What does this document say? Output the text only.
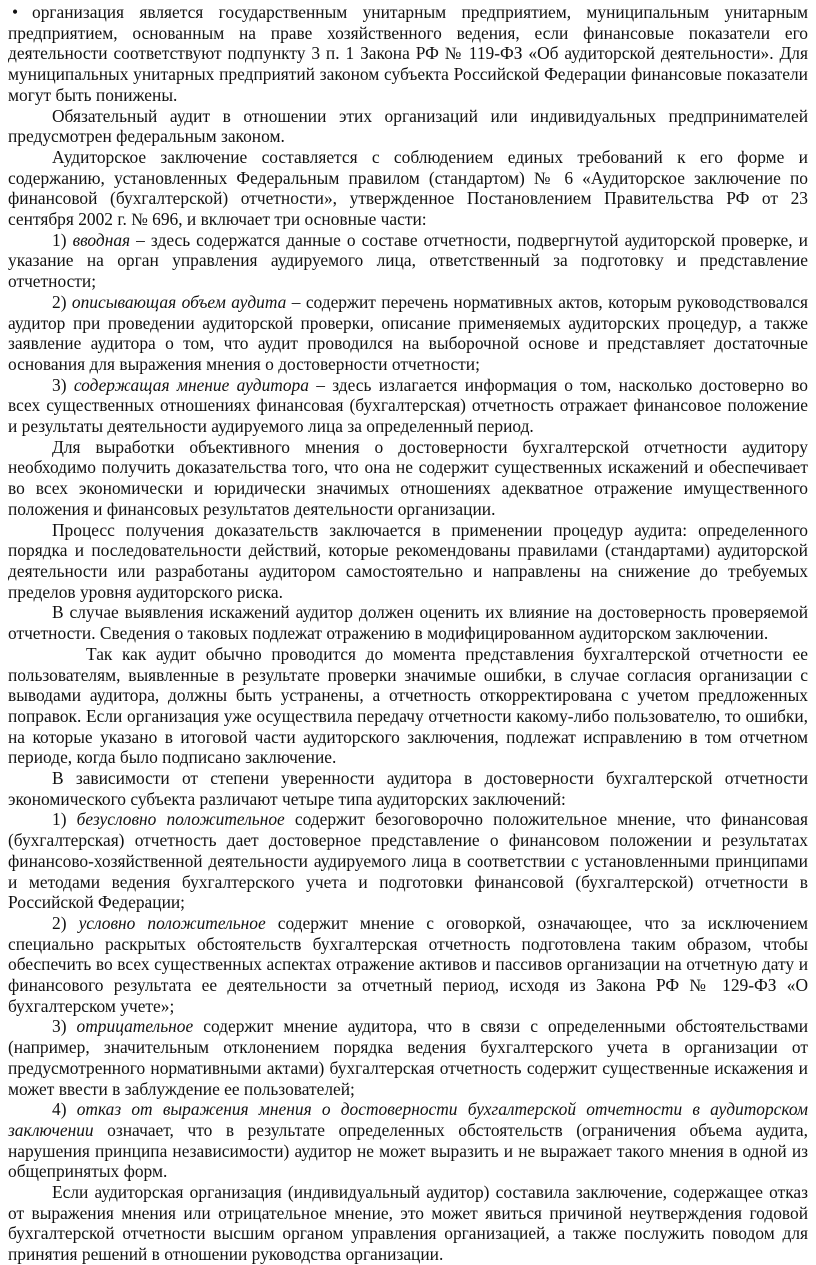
• организация является государственным унитарным предприятием, муниципальным унитарным предприятием, основанным на праве хозяйственного ведения, если финансовые показатели его деятельности соответствуют подпункту 3 п. 1 Закона РФ № 119-ФЗ «Об аудиторской деятельности». Для муниципальных унитарных предприятий законом субъекта Российской Федерации финансовые показатели могут быть понижены.

Обязательный аудит в отношении этих организаций или индивидуальных предпринимателей предусмотрен федеральным законом.

Аудиторское заключение составляется с соблюдением единых требований к его форме и содержанию, установленных Федеральным правилом (стандартом) № 6 «Аудиторское заключение по финансовой (бухгалтерской) отчетности», утвержденное Постановлением Правительства РФ от 23 сентября 2002 г. № 696, и включает три основные части:

1) вводная – здесь содержатся данные о составе отчетности, подвергнутой аудиторской проверке, и указание на орган управления аудируемого лица, ответственный за подготовку и представление отчетности;

2) описывающая объем аудита – содержит перечень нормативных актов, которым руководствовался аудитор при проведении аудиторской проверки, описание применяемых аудиторских процедур, а также заявление аудитора о том, что аудит проводился на выборочной основе и представляет достаточные основания для выражения мнения о достоверности отчетности;

3) содержащая мнение аудитора – здесь излагается информация о том, насколько достоверно во всех существенных отношениях финансовая (бухгалтерская) отчетность отражает финансовое положение и результаты деятельности аудируемого лица за определенный период.

Для выработки объективного мнения о достоверности бухгалтерской отчетности аудитору необходимо получить доказательства того, что она не содержит существенных искажений и обеспечивает во всех экономически и юридически значимых отношениях адекватное отражение имущественного положения и финансовых результатов деятельности организации.

Процесс получения доказательств заключается в применении процедур аудита: определенного порядка и последовательности действий, которые рекомендованы правилами (стандартами) аудиторской деятельности или разработаны аудитором самостоятельно и направлены на снижение до требуемых пределов уровня аудиторского риска.

В случае выявления искажений аудитор должен оценить их влияние на достоверность проверяемой отчетности. Сведения о таковых подлежат отражению в модифицированном аудиторском заключении.

Так как аудит обычно проводится до момента представления бухгалтерской отчетности ее пользователям, выявленные в результате проверки значимые ошибки, в случае согласия организации с выводами аудитора, должны быть устранены, а отчетность откорректирована с учетом предложенных поправок. Если организация уже осуществила передачу отчетности какому-либо пользователю, то ошибки, на которые указано в итоговой части аудиторского заключения, подлежат исправлению в том отчетном периоде, когда было подписано заключение.

В зависимости от степени уверенности аудитора в достоверности бухгалтерской отчетности экономического субъекта различают четыре типа аудиторских заключений:

1) безусловно положительное содержит безоговорочно положительное мнение, что финансовая (бухгалтерская) отчетность дает достоверное представление о финансовом положении и результатах финансово-хозяйственной деятельности аудируемого лица в соответствии с установленными принципами и методами ведения бухгалтерского учета и подготовки финансовой (бухгалтерской) отчетности в Российской Федерации;

2) условно положительное содержит мнение с оговоркой, означающее, что за исключением специально раскрытых обстоятельств бухгалтерская отчетность подготовлена таким образом, чтобы обеспечить во всех существенных аспектах отражение активов и пассивов организации на отчетную дату и финансового результата ее деятельности за отчетный период, исходя из Закона РФ № 129-ФЗ «О бухгалтерском учете»;

3) отрицательное содержит мнение аудитора, что в связи с определенными обстоятельствами (например, значительным отклонением порядка ведения бухгалтерского учета в организации от предусмотренного нормативными актами) бухгалтерская отчетность содержит существенные искажения и может ввести в заблуждение ее пользователей;

4) отказ от выражения мнения о достоверности бухгалтерской отчетности в аудиторском заключении означает, что в результате определенных обстоятельств (ограничения объема аудита, нарушения принципа независимости) аудитор не может выразить и не выражает такого мнения в одной из общепринятых форм.

Если аудиторская организация (индивидуальный аудитор) составила заключение, содержащее отказ от выражения мнения или отрицательное мнение, это может явиться причиной неутверждения годовой бухгалтерской отчетности высшим органом управления организацией, а также послужить поводом для принятия решений в отношении руководства организации.
